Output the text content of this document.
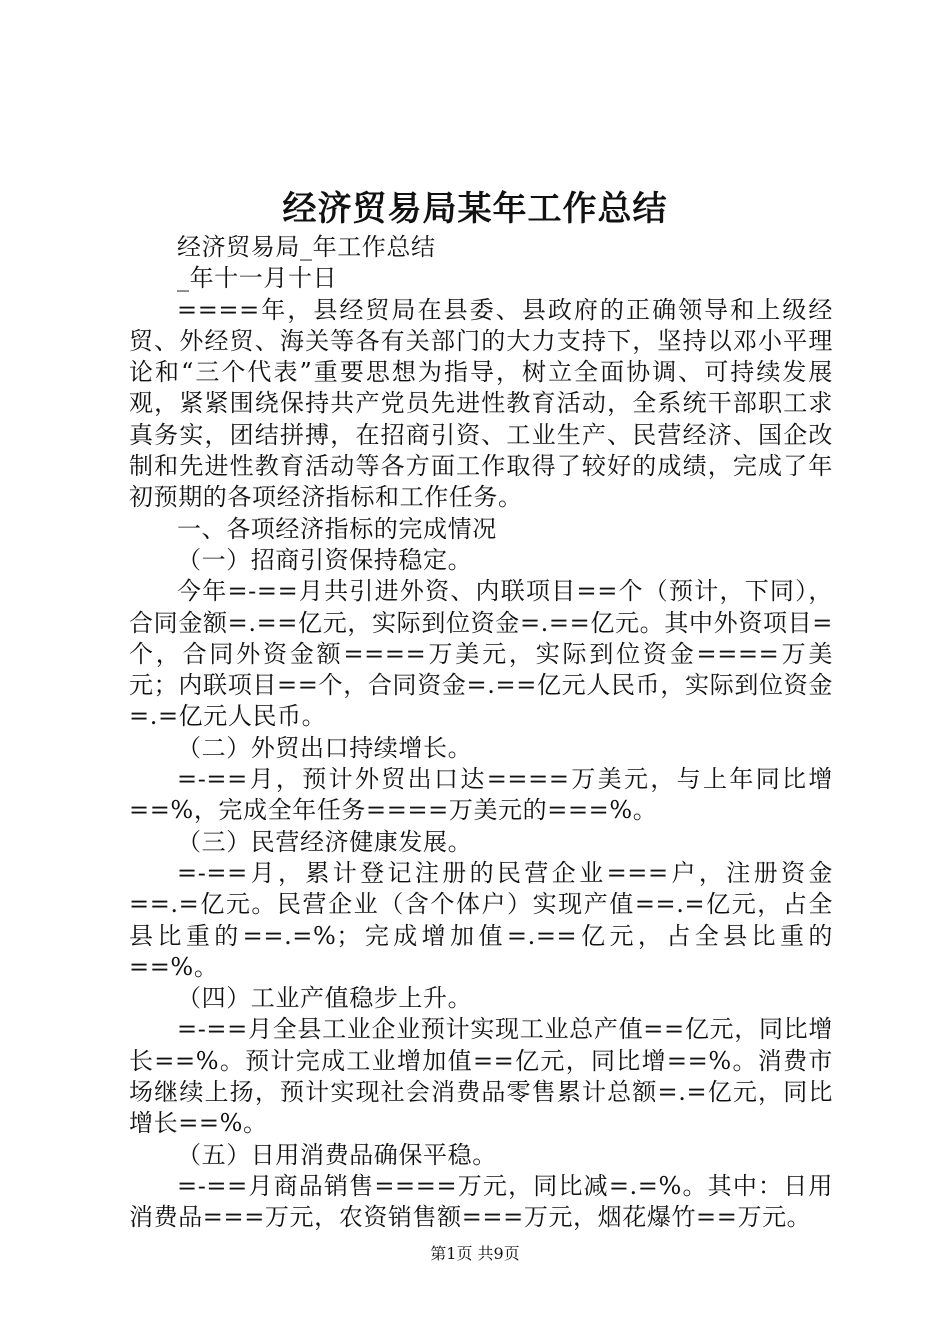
经济贸易局某年工作总结

经济贸易局_年工作总结

_年十一月十日

====年，县经贸局在县委、县政府的正确领导和上级经贸、外经贸、海关等各有关部门的大力支持下，坚持以邓小平理论和“三个代表”重要思想为指导，树立全面协调、可持续发展观，紧紧围绕保持共产党员先进性教育活动，全系统干部职工求真务实，团结拼搏，在招商引资、工业生产、民营经济、国企改制和先进性教育活动等各方面工作取得了较好的成绩，完成了年初预期的各项经济指标和工作任务。

一、各项经济指标的完成情况

（一）招商引资保持稳定。

今年=-==月共引进外资、内联项目==个（预计，下同），合同金额=.==亿元，实际到位资金=.==亿元。其中外资项目=个，合同外资金额====万美元，实际到位资金====万美元；内联项目==个，合同资金=.==亿元人民币，实际到位资金=.=亿元人民币。

（二）外贸出口持续增长。

=-==月，预计外贸出口达====万美元，与上年同比增==%，完成全年任务====万美元的===%。

（三）民营经济健康发展。

=-==月，累计登记注册的民营企业===户，注册资金==.=亿元。民营企业（含个体户）实现产值==.=亿元，占全县比重的==.=%；完成增加值=.==亿元，占全县比重的==%。

（四）工业产值稳步上升。

=-==月全县工业企业预计实现工业总产值==亿元，同比增长==%。预计完成工业增加值==亿元，同比增==%。消费市场继续上扬，预计实现社会消费品零售累计总额=.=亿元，同比增长==%。

（五）日用消费品确保平稳。

=-==月商品销售====万元，同比减=.=%。其中：日用消费品===万元，农资销售额===万元，烟花爆竹==万元。

第1页 共9页
